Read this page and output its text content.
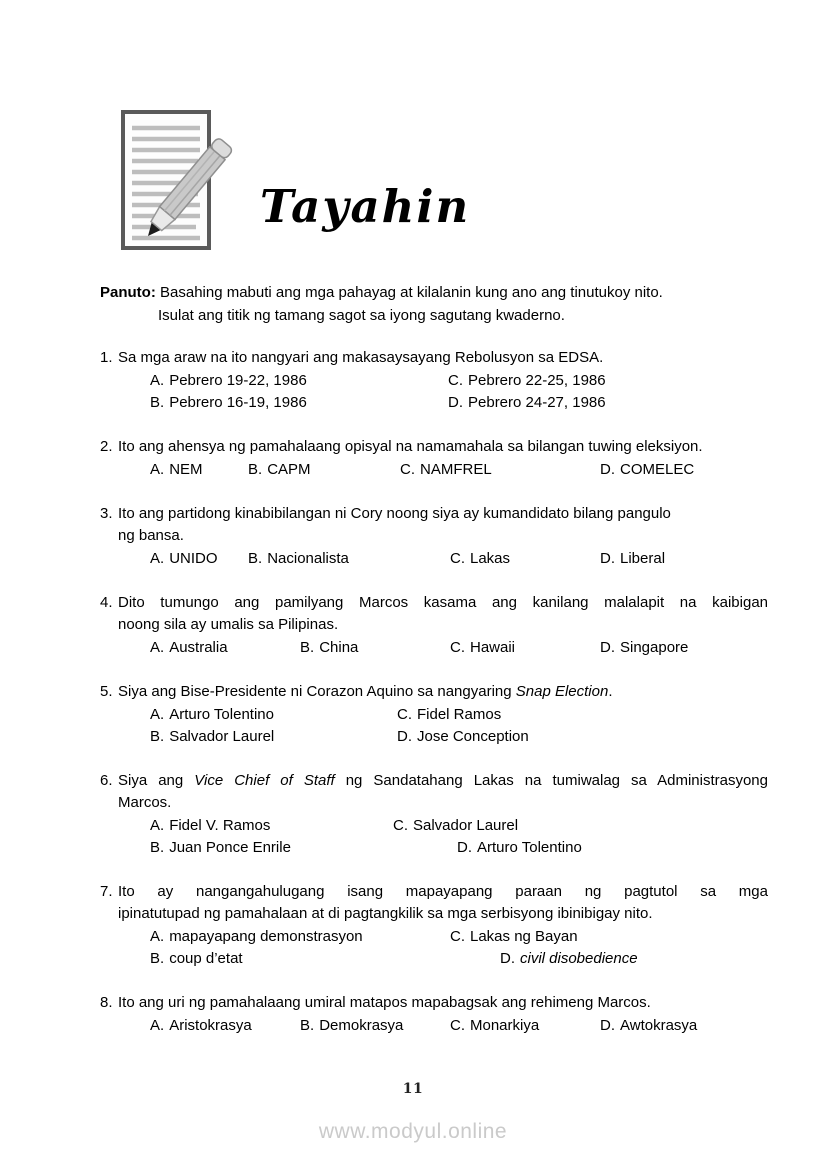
Tayahin
Panuto: Basahing mabuti ang mga pahayag at kilalanin kung ano ang tinutukoy nito.
Isulat ang titik ng tamang sagot sa iyong sagutang kwaderno.
1. Sa mga araw na ito nangyari ang makasaysayang Rebolusyon sa EDSA.
A. Pebrero 19-22, 1986	C. Pebrero 22-25, 1986
B. Pebrero 16-19, 1986	D. Pebrero 24-27, 1986
2. Ito ang ahensya ng pamahalaang opisyal na namamahala sa bilangan tuwing eleksiyon.
A. NEM	B. CAPM	C. NAMFREL	D. COMELEC
3. Ito ang partidong kinabibilangan ni Cory noong siya ay kumandidato bilang pangulo
ng bansa.
A. UNIDO B. Nacionalista	C. Lakas	D. Liberal
4. Dito tumungo ang pamilyang Marcos kasama ang kanilang malalapit na kaibigan
noong sila ay umalis sa Pilipinas.
A. Australia	B. China	C. Hawaii	D. Singapore
5. Siya ang Bise-Presidente ni Corazon Aquino sa nangyaring Snap Election.
A. Arturo Tolentino	C. Fidel Ramos
B. Salvador Laurel	D. Jose Conception
6. Siya ang Vice Chief of Staff ng Sandatahang Lakas na tumiwalag sa Administrasyong
Marcos.
A. Fidel V. Ramos	C. Salvador Laurel
B. Juan Ponce Enrile	D. Arturo Tolentino
7. Ito ay nangangahulugang isang mapayapang paraan ng pagtutol sa mga
ipinatutupad ng pamahalaan at di pagtangkilik sa mga serbisyong ibinibigay nito.
A. mapayapang demonstrasyon	C. Lakas ng Bayan
B. coup d’etat	D. civil disobedience
8. Ito ang uri ng pamahalaang umiral matapos mapabagsak ang rehimeng Marcos.
A. Aristokrasya	B. Demokrasya	C. Monarkiya	D. Awtokrasya
11
www.modyul.online
